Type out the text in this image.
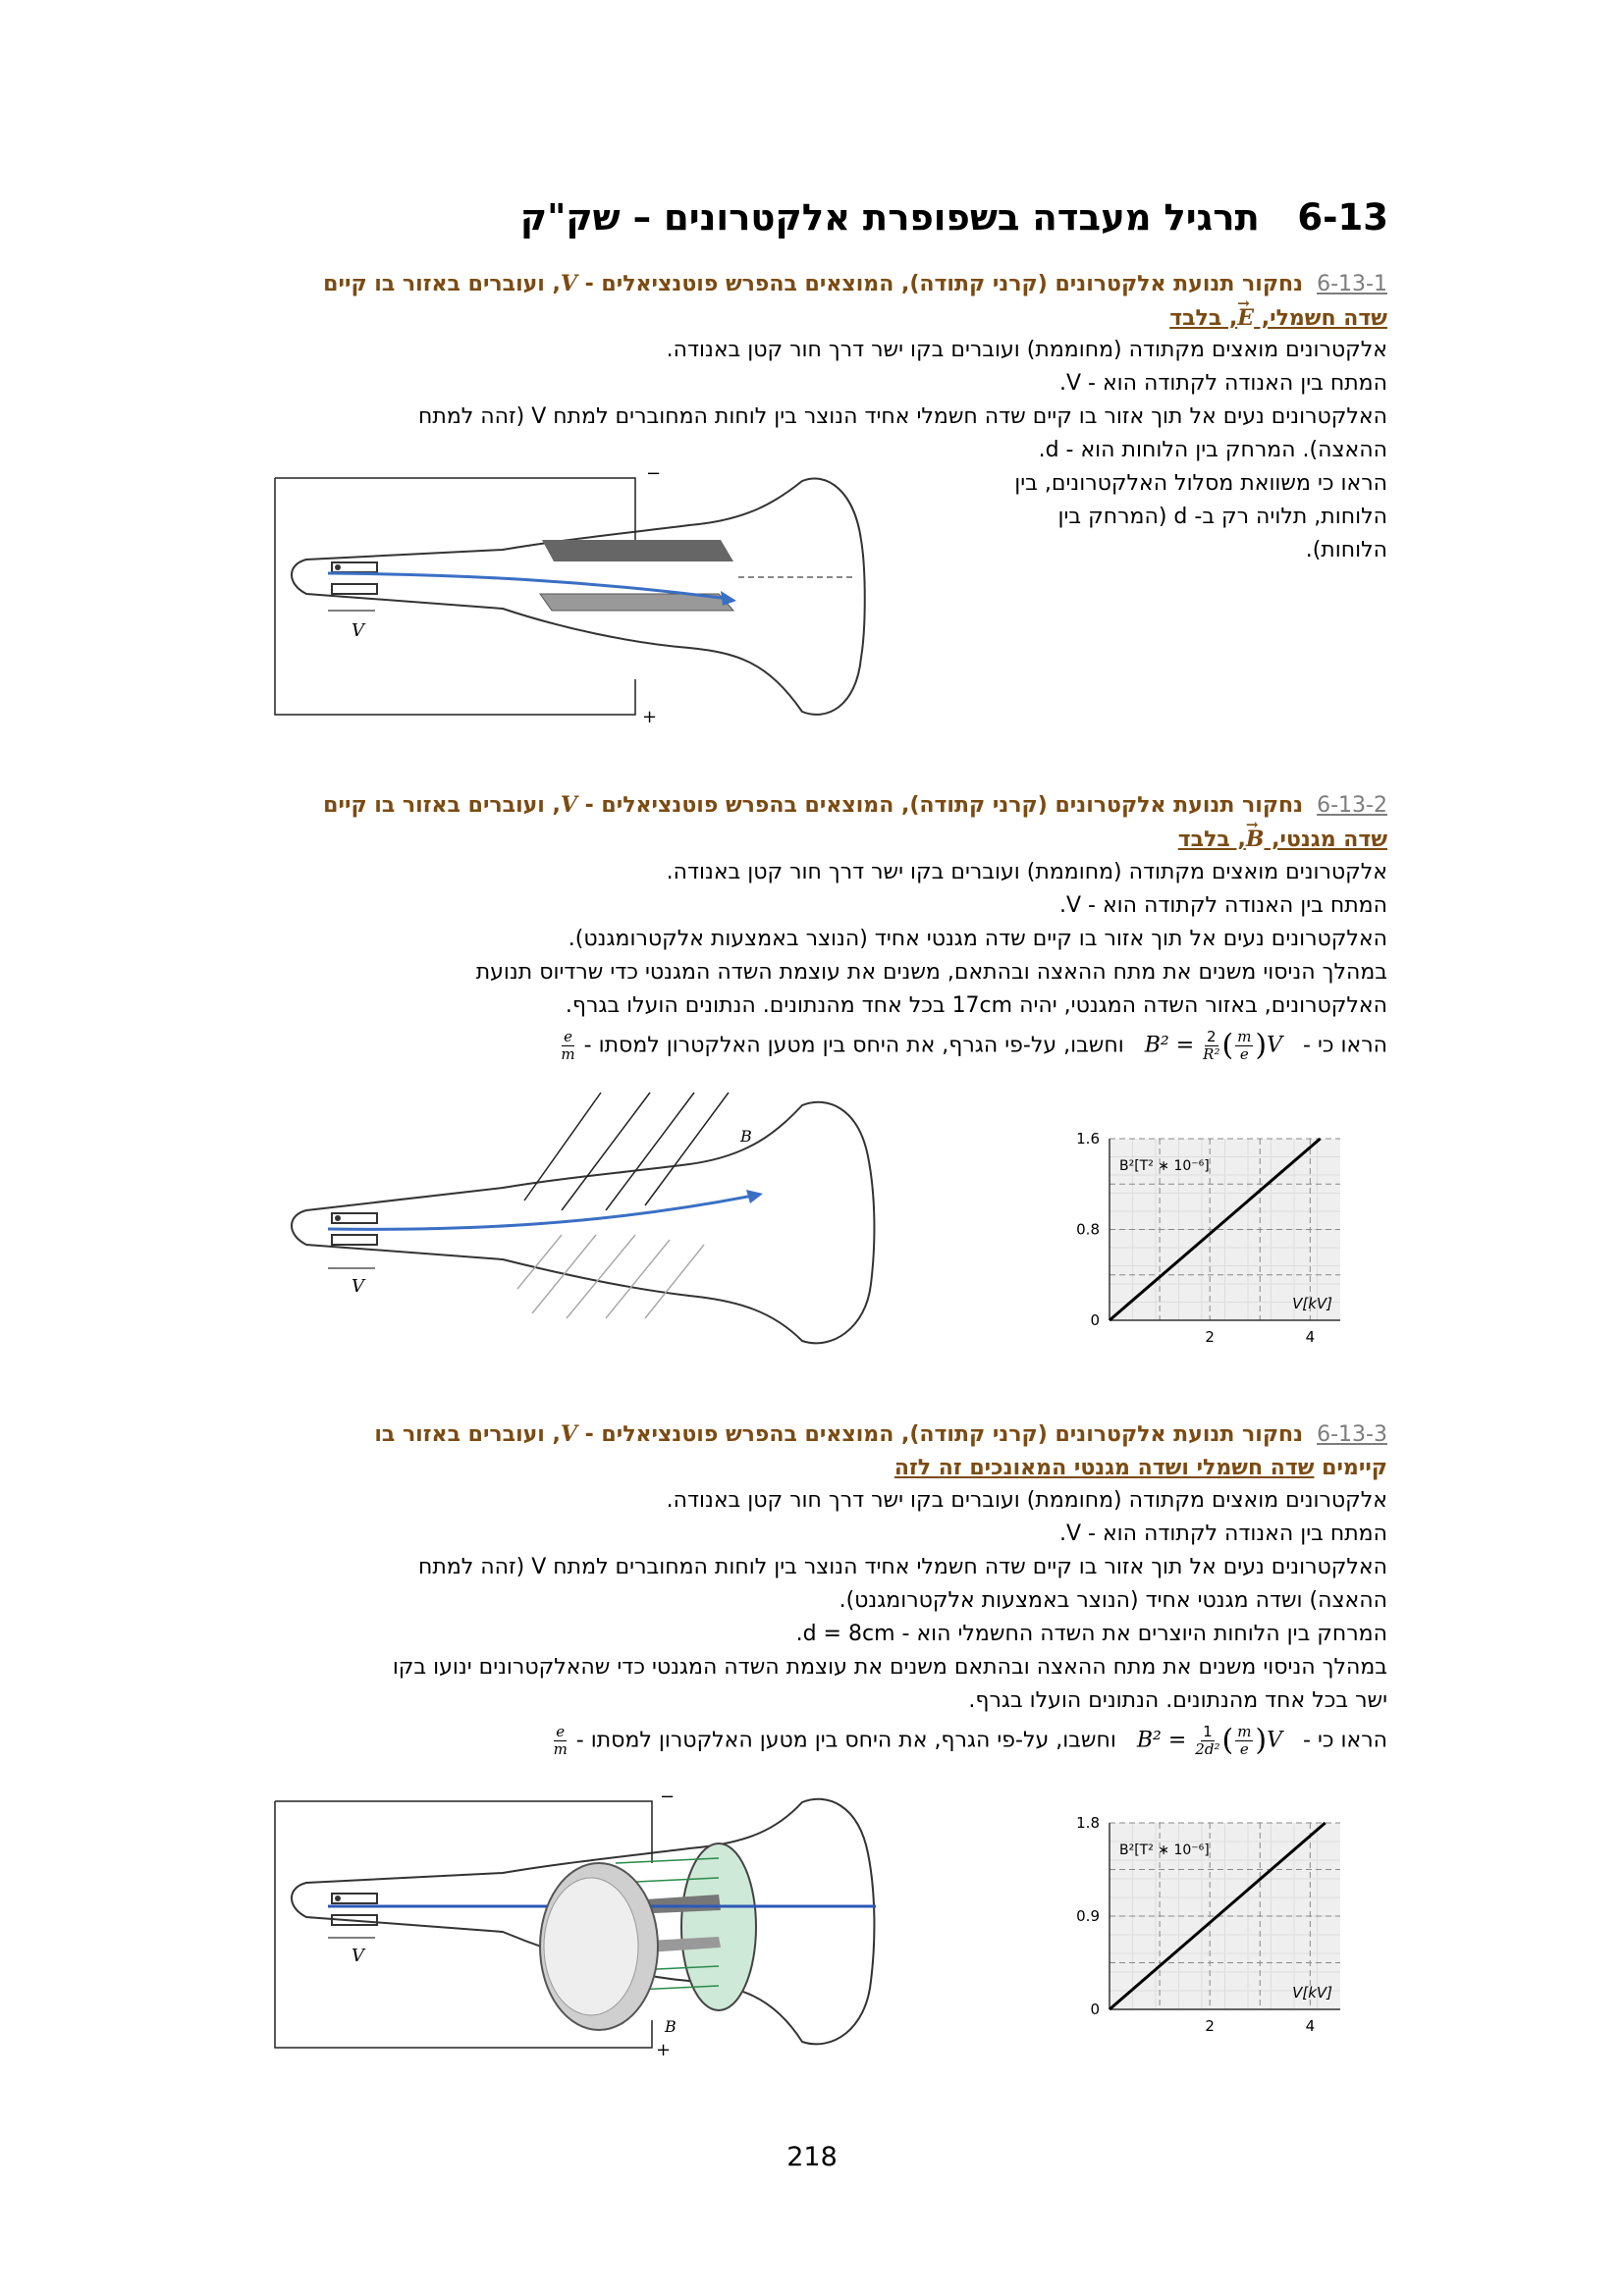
6-13   תרגיל מעבדה בשפופרת אלקטרונים – שק"ק
6-13-1נחקור תנועת אלקטרונים (קרני קתודה), המוצאים בהפרש פוטנציאלים - V, ועוברים באזור בו קיים
שדה חשמלי, → E, בלבד

אלקטרונים מואצים מקתודה (מחוממת) ועוברים בקו ישר דרך חור קטן באנודה.

המתח בין האנודה לקתודה הוא - V.

האלקטרונים נעים אל תוך אזור בו קיים שדה חשמלי אחיד הנוצר בין לוחות המחוברים למתח V (זהה למתח

ההאצה). המרחק בין הלוחות הוא - d.

הראו כי משוואת מסלול האלקטרונים, בין

הלוחות, תלויה רק ב- d (המרחק בין

הלוחות).

−
+
V
6-13-2נחקור תנועת אלקטרונים (קרני קתודה), המוצאים בהפרש פוטנציאלים - V, ועוברים באזור בו קיים
שדה מגנטי, → B, בלבד

אלקטרונים מואצים מקתודה (מחוממת) ועוברים בקו ישר דרך חור קטן באנודה.

המתח בין האנודה לקתודה הוא - V.

האלקטרונים נעים אל תוך אזור בו קיים שדה מגנטי אחיד (הנוצר באמצעות אלקטרומגנט).

במהלך הניסוי משנים את מתח ההאצה ובהתאם, משנים את עוצמת השדה המגנטי כדי שרדיוס תנועת

האלקטרונים, באזור השדה המגנטי, יהיה 17cm בכל אחד מהנתונים. הנתונים הועלו בגרף.

הראו כי -   $B^2 = \frac{2}{\text{R²}}$ ( $\frac{m}{e} )V$   וחשבו, על-פי הגרף, את היחס בין מטען האלקטרון למסתו -
$\frac{e}{m}$

B
V
0
0.8
1.6
2	4
B²[T² ∗ 10⁻⁶]
V[kV]
6-13-3נחקור תנועת אלקטרונים (קרני קתודה), המוצאים בהפרש פוטנציאלים - V, ועוברים באזור בו
קיימים שדה חשמלי ושדה מגנטי המאונכים זה לזה

אלקטרונים מואצים מקתודה (מחוממת) ועוברים בקו ישר דרך חור קטן באנודה.

המתח בין האנודה לקתודה הוא - V.

האלקטרונים נעים אל תוך אזור בו קיים שדה חשמלי אחיד הנוצר בין לוחות המחוברים למתח V (זהה למתח

ההאצה) ושדה מגנטי אחיד (הנוצר באמצעות אלקטרומגנט).

המרחק בין הלוחות היוצרים את השדה החשמלי הוא - d = 8cm.

במהלך הניסוי משנים את מתח ההאצה ובהתאם משנים את עוצמת השדה המגנטי כדי שהאלקטרונים ינועו בקו

ישר בכל אחד מהנתונים. הנתונים הועלו בגרף.

הראו כי -   $B^2 = \frac{1}{\text{2d²}}$ ( $\frac{m}{e} )V$   וחשבו, על-פי הגרף, את היחס בין מטען האלקטרון למסתו -
$\frac{e}{m}$

−
+
B
V
0
0.9
1.8
2	4
B²[T² ∗ 10⁻⁶]
V[kV]
218
